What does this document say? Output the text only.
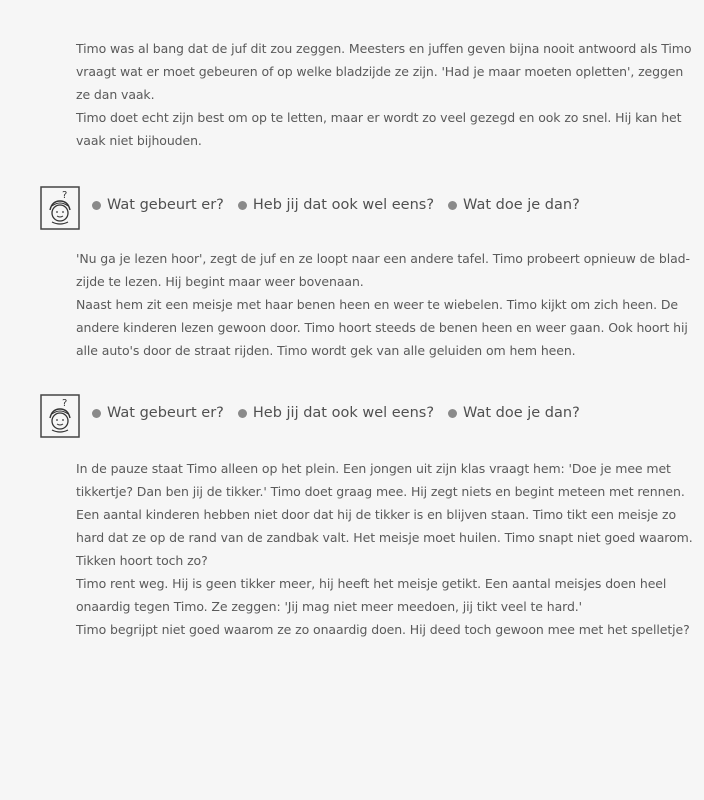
Timo was al bang dat de juf dit zou zeggen. Meesters en juffen geven bijna nooit antwoord als Timo
vraagt wat er moet gebeuren of op welke bladzijde ze zijn. 'Had je maar moeten opletten', zeggen
ze dan vaak.
Timo doet echt zijn best om op te letten, maar er wordt zo veel gezegd en ook zo snel. Hij kan het
vaak niet bijhouden.
?
Wat gebeurt er? Heb jij dat ook wel eens? Wat doe je dan?
'Nu ga je lezen hoor', zegt de juf en ze loopt naar een andere tafel. Timo probeert opnieuw de blad-
zijde te lezen. Hij begint maar weer bovenaan.
Naast hem zit een meisje met haar benen heen en weer te wiebelen. Timo kijkt om zich heen. De
andere kinderen lezen gewoon door. Timo hoort steeds de benen heen en weer gaan. Ook hoort hij
alle auto's door de straat rijden. Timo wordt gek van alle geluiden om hem heen.
?
Wat gebeurt er? Heb jij dat ook wel eens? Wat doe je dan?
In de pauze staat Timo alleen op het plein. Een jongen uit zijn klas vraagt hem: 'Doe je mee met
tikkertje? Dan ben jij de tikker.' Timo doet graag mee. Hij zegt niets en begint meteen met rennen.
Een aantal kinderen hebben niet door dat hij de tikker is en blijven staan. Timo tikt een meisje zo
hard dat ze op de rand van de zandbak valt. Het meisje moet huilen. Timo snapt niet goed waarom.
Tikken hoort toch zo?
Timo rent weg. Hij is geen tikker meer, hij heeft het meisje getikt. Een aantal meisjes doen heel
onaardig tegen Timo. Ze zeggen: 'Jij mag niet meer meedoen, jij tikt veel te hard.'
Timo begrijpt niet goed waarom ze zo onaardig doen. Hij deed toch gewoon mee met het spelletje?
